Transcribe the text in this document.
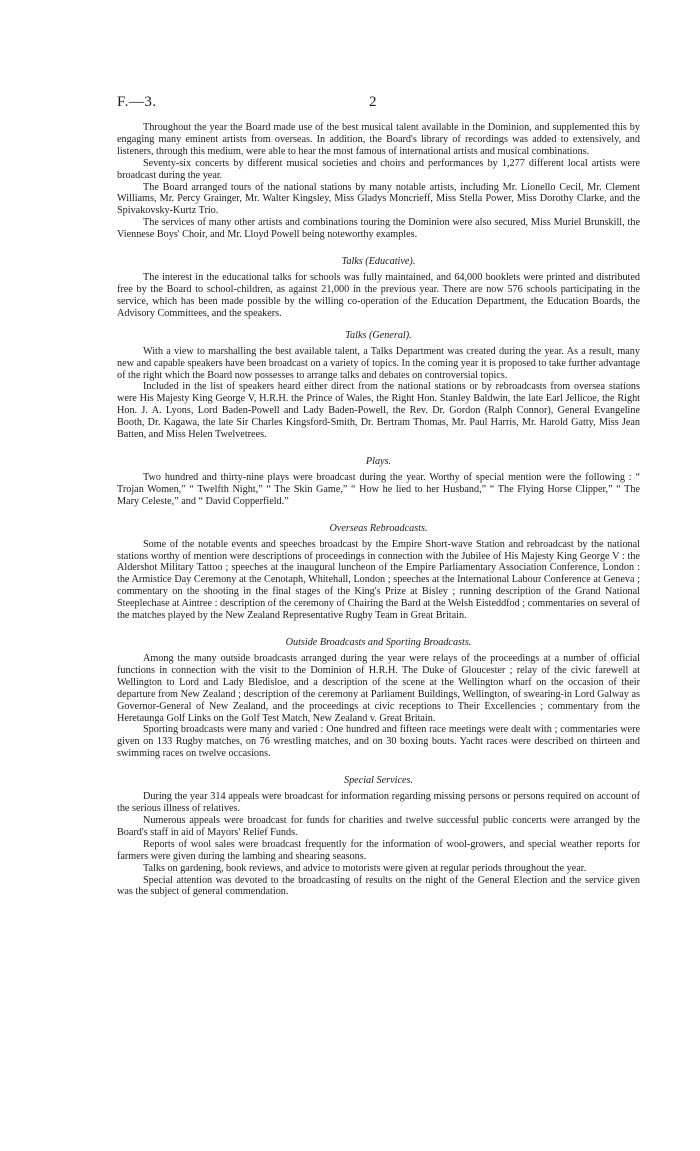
F.—3.	2

Throughout the year the Board made use of the best musical talent available in the Dominion, and supplemented this by engaging many eminent artists from overseas. In addition, the Board's library of recordings was added to extensively, and listeners, through this medium, were able to hear the most famous of international artists and musical combinations.

Seventy-six concerts by different musical societies and choirs and performances by 1,277 different local artists were broadcast during the year.

The Board arranged tours of the national stations by many notable artists, including Mr. Lionello Cecil, Mr. Clement Williams, Mr. Percy Grainger, Mr. Walter Kingsley, Miss Gladys Moncrieff, Miss Stella Power, Miss Dorothy Clarke, and the Spivakovsky-Kurtz Trio.

The services of many other artists and combinations touring the Dominion were also secured, Miss Muriel Brunskill, the Viennese Boys' Choir, and Mr. Lloyd Powell being noteworthy examples.

Talks (Educative).

The interest in the educational talks for schools was fully maintained, and 64,000 booklets were printed and distributed free by the Board to school-children, as against 21,000 in the previous year. There are now 576 schools participating in the service, which has been made possible by the willing co-operation of the Education Department, the Education Boards, the Advisory Committees, and the speakers.

Talks (General).

With a view to marshalling the best available talent, a Talks Department was created during the year. As a result, many new and capable speakers have been broadcast on a variety of topics. In the coming year it is proposed to take further advantage of the right which the Board now possesses to arrange talks and debates on controversial topics.

Included in the list of speakers heard either direct from the national stations or by rebroadcasts from oversea stations were His Majesty King George V, H.R.H. the Prince of Wales, the Right Hon. Stanley Baldwin, the late Earl Jellicoe, the Right Hon. J. A. Lyons, Lord Baden-Powell and Lady Baden-Powell, the Rev. Dr. Gordon (Ralph Connor), General Evangeline Booth, Dr. Kagawa, the late Sir Charles Kingsford-Smith, Dr. Bertram Thomas, Mr. Paul Harris, Mr. Harold Gatty, Miss Jean Batten, and Miss Helen Twelvetrees.

Plays.

Two hundred and thirty-nine plays were broadcast during the year. Worthy of special mention were the following : “ Trojan Women,” “ Twelfth Night,” “ The Skin Game,” “ How he lied to her Husband,” “ The Flying Horse Clipper,” “ The Mary Celeste,” and “ David Copperfield.”

Overseas Rebroadcasts.

Some of the notable events and speeches broadcast by the Empire Short-wave Station and rebroadcast by the national stations worthy of mention were descriptions of proceedings in connection with the Jubilee of His Majesty King George V : the Aldershot Military Tattoo ; speeches at the inaugural luncheon of the Empire Parliamentary Association Conference, London : the Armistice Day Ceremony at the Cenotaph, Whitehall, London ; speeches at the International Labour Conference at Geneva ; commentary on the shooting in the final stages of the King's Prize at Bisley ; running description of the Grand National Steeplechase at Aintree : description of the ceremony of Chairing the Bard at the Welsh Eisteddfod ; commentaries on several of the matches played by the New Zealand Representative Rugby Team in Great Britain.

Outside Broadcasts and Sporting Broadcasts.

Among the many outside broadcasts arranged during the year were relays of the proceedings at a number of official functions in connection with the visit to the Dominion of H.R.H. The Duke of Gloucester ; relay of the civic farewell at Wellington to Lord and Lady Bledisloe, and a description of the scene at the Wellington wharf on the occasion of their departure from New Zealand ; description of the ceremony at Parliament Buildings, Wellington, of swearing-in Lord Galway as Governor-General of New Zealand, and the proceedings at civic receptions to Their Excellencies ; commentary from the Heretaunga Golf Links on the Golf Test Match, New Zealand v. Great Britain.

Sporting broadcasts were many and varied : One hundred and fifteen race meetings were dealt with ; commentaries were given on 133 Rugby matches, on 76 wrestling matches, and on 30 boxing bouts. Yacht races were described on thirteen and swimming races on twelve occasions.

Special Services.

During the year 314 appeals were broadcast for information regarding missing persons or persons required on account of the serious illness of relatives.

Numerous appeals were broadcast for funds for charities and twelve successful public concerts were arranged by the Board's staff in aid of Mayors' Relief Funds.

Reports of wool sales were broadcast frequently for the information of wool-growers, and special weather reports for farmers were given during the lambing and shearing seasons.

Talks on gardening, book reviews, and advice to motorists were given at regular periods throughout the year.

Special attention was devoted to the broadcasting of results on the night of the General Election and the service given was the subject of general commendation.
